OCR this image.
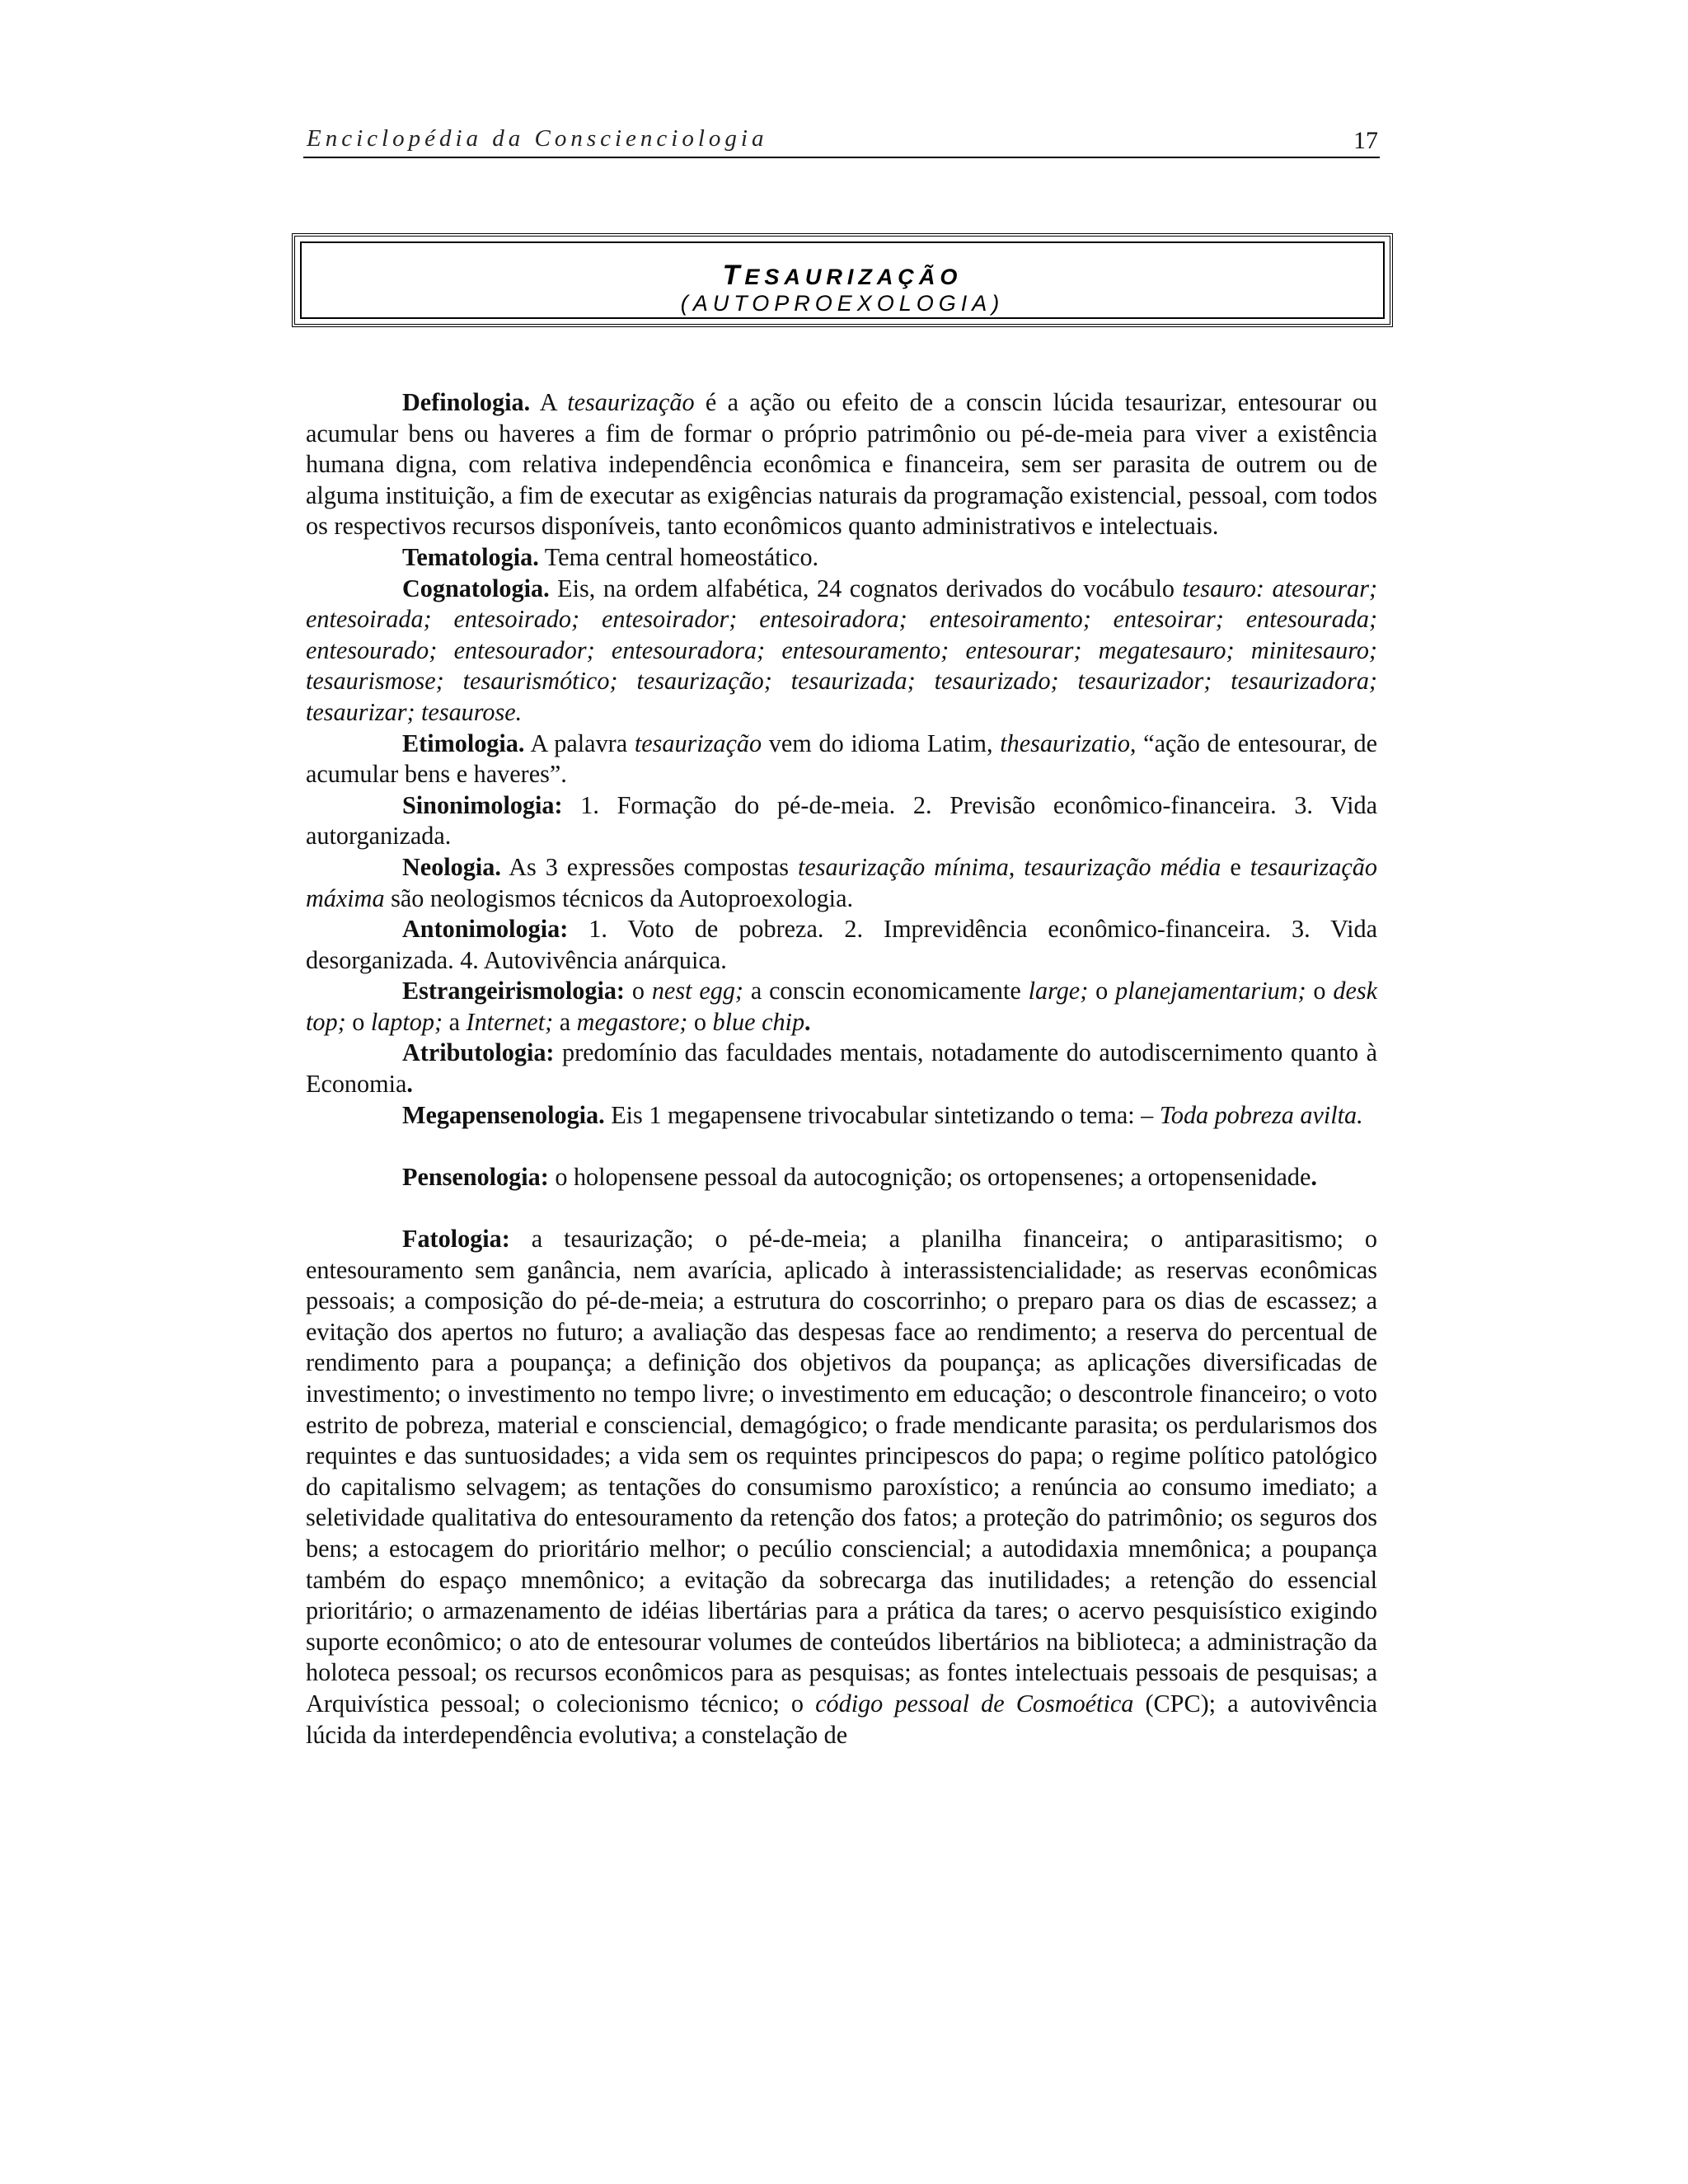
Enciclopédia da Conscienciologia	17
TESAURIZAÇÃO
(AUTOPROEXOLOGIA)

Definologia. A tesaurização é a ação ou efeito de a conscin lúcida tesaurizar, entesourar ou acumular bens ou haveres a fim de formar o próprio patrimônio ou pé-de-meia para viver a existência humana digna, com relativa independência econômica e financeira, sem ser parasita de outrem ou de alguma instituição, a fim de executar as exigências naturais da programação existencial, pessoal, com todos os respectivos recursos disponíveis, tanto econômicos quanto administrativos e intelectuais.

Tematologia. Tema central homeostático.

Cognatologia. Eis, na ordem alfabética, 24 cognatos derivados do vocábulo tesauro: atesourar; entesoirada; entesoirado; entesoirador; entesoiradora; entesoiramento; entesoirar; entesourada; entesourado; entesourador; entesouradora; entesouramento; entesourar; megatesauro; minitesauro; tesaurismose; tesaurismótico; tesaurização; tesaurizada; tesaurizado; tesaurizador; tesaurizadora; tesaurizar; tesaurose.

Etimologia. A palavra tesaurização vem do idioma Latim, thesaurizatio, “ação de entesourar, de acumular bens e haveres”.

Sinonimologia: 1. Formação do pé-de-meia. 2. Previsão econômico-financeira. 3. Vida autorganizada.

Neologia. As 3 expressões compostas tesaurização mínima, tesaurização média e tesaurização máxima são neologismos técnicos da Autoproexologia.

Antonimologia: 1. Voto de pobreza. 2. Imprevidência econômico-financeira. 3. Vida desorganizada. 4. Autovivência anárquica.

Estrangeirismologia: o nest egg; a conscin economicamente large; o planejamentarium; o desk top; o laptop; a Internet; a megastore; o blue chip.

Atributologia: predomínio das faculdades mentais, notadamente do autodiscernimento quanto à Economia.

Megapensenologia. Eis 1 megapensene trivocabular sintetizando o tema: – Toda pobreza avilta.

Pensenologia: o holopensene pessoal da autocognição; os ortopensenes; a ortopensenidade.

Fatologia: a tesaurização; o pé-de-meia; a planilha financeira; o antiparasitismo; o entesouramento sem ganância, nem avarícia, aplicado à interassistencialidade; as reservas econômicas pessoais; a composição do pé-de-meia; a estrutura do coscorrinho; o preparo para os dias de escassez; a evitação dos apertos no futuro; a avaliação das despesas face ao rendimento; a reserva do percentual de rendimento para a poupança; a definição dos objetivos da poupança; as aplicações diversificadas de investimento; o investimento no tempo livre; o investimento em educação; o descontrole financeiro; o voto estrito de pobreza, material e consciencial, demagógico; o frade mendicante parasita; os perdularismos dos requintes e das suntuosidades; a vida sem os requintes principescos do papa; o regime político patológico do capitalismo selvagem; as tentações do consumismo paroxístico; a renúncia ao consumo imediato; a seletividade qualitativa do entesouramento da retenção dos fatos; a proteção do patrimônio; os seguros dos bens; a estocagem do prioritário melhor; o pecúlio consciencial; a autodidaxia mnemônica; a poupança também do espaço mnemônico; a evitação da sobrecarga das inutilidades; a retenção do essencial prioritário; o armazenamento de idéias libertárias para a prática da tares; o acervo pesquisístico exigindo suporte econômico; o ato de entesourar volumes de conteúdos libertários na biblioteca; a administração da holoteca pessoal; os recursos econômicos para as pesquisas; as fontes intelectuais pessoais de pesquisas; a Arquivística pessoal; o colecionismo técnico; o código pessoal de Cosmoética (CPC); a autovivência lúcida da interdependência evolutiva; a constelação de
